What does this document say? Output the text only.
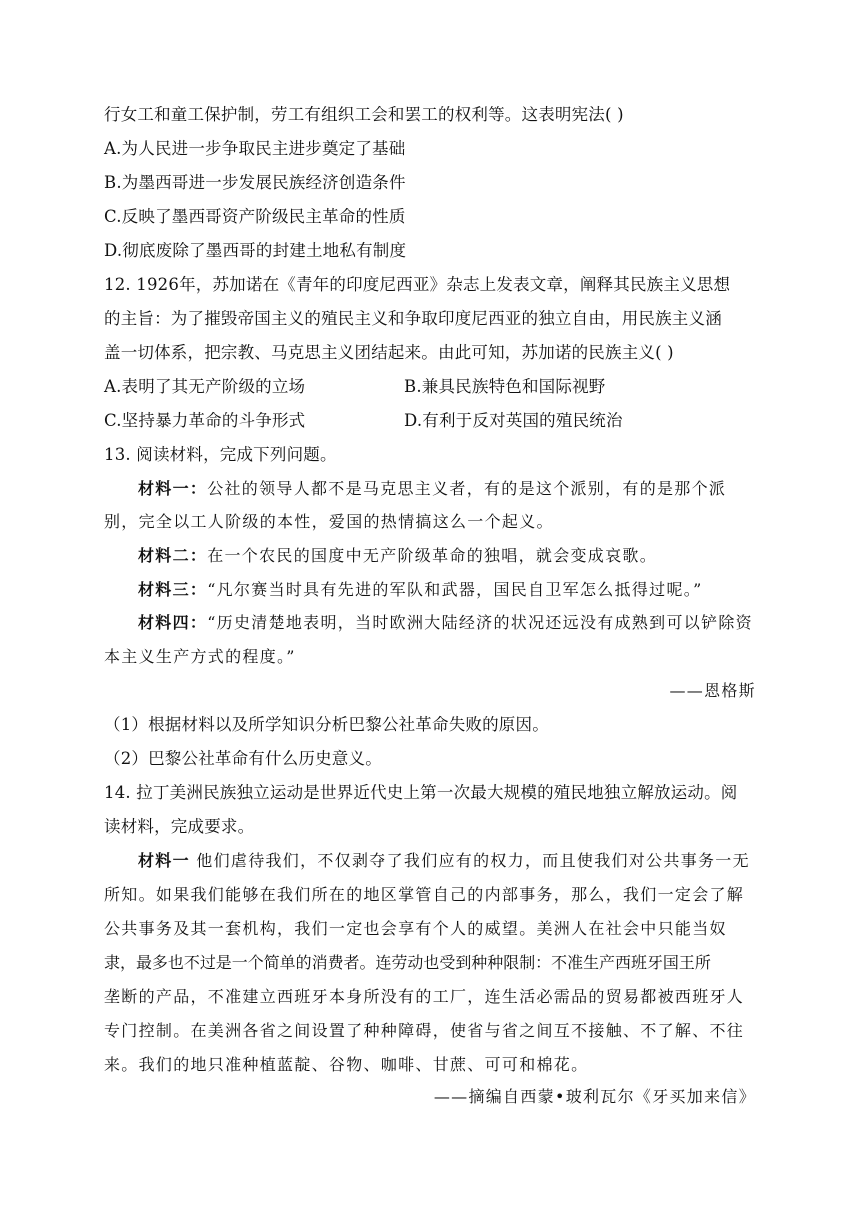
行女工和童工保护制，劳工有组织工会和罢工的权利等。这表明宪法( )
A.为人民进一步争取民主进步奠定了基础
B.为墨西哥进一步发展民族经济创造条件
C.反映了墨西哥资产阶级民主革命的性质
D.彻底废除了墨西哥的封建土地私有制度
12. 1926年，苏加诺在《青年的印度尼西亚》杂志上发表文章，阐释其民族主义思想
的主旨：为了摧毁帝国主义的殖民主义和争取印度尼西亚的独立自由，用民族主义涵
盖一切体系，把宗教、马克思主义团结起来。由此可知，苏加诺的民族主义( )
A.表明了其无产阶级的立场	B.兼具民族特色和国际视野
C.坚持暴力革命的斗争形式	D.有利于反对英国的殖民统治
13. 阅读材料，完成下列问题。
材料一：公社的领导人都不是马克思主义者，有的是这个派别，有的是那个派
别，完全以工人阶级的本性，爱国的热情搞这么一个起义。
材料二：在一个农民的国度中无产阶级革命的独唱，就会变成哀歌。
材料三：“凡尔赛当时具有先进的军队和武器，国民自卫军怎么抵得过呢。”
材料四：“历史清楚地表明，当时欧洲大陆经济的状况还远没有成熟到可以铲除资
本主义生产方式的程度。”
——恩格斯
（1）根据材料以及所学知识分析巴黎公社革命失败的原因。
（2）巴黎公社革命有什么历史意义。
14. 拉丁美洲民族独立运动是世界近代史上第一次最大规模的殖民地独立解放运动。阅
读材料，完成要求。
材料一 他们虐待我们，不仅剥夺了我们应有的权力，而且使我们对公共事务一无
所知。如果我们能够在我们所在的地区掌管自己的内部事务，那么，我们一定会了解
公共事务及其一套机构，我们一定也会享有个人的威望。美洲人在社会中只能当奴
隶，最多也不过是一个简单的消费者。连劳动也受到种种限制：不准生产西班牙国王所
垄断的产品，不准建立西班牙本身所没有的工厂，连生活必需品的贸易都被西班牙人
专门控制。在美洲各省之间设置了种种障碍，使省与省之间互不接触、不了解、不往
来。我们的地只准种植蓝靛、谷物、咖啡、甘蔗、可可和棉花。
——摘编自西蒙•玻利瓦尔《牙买加来信》
